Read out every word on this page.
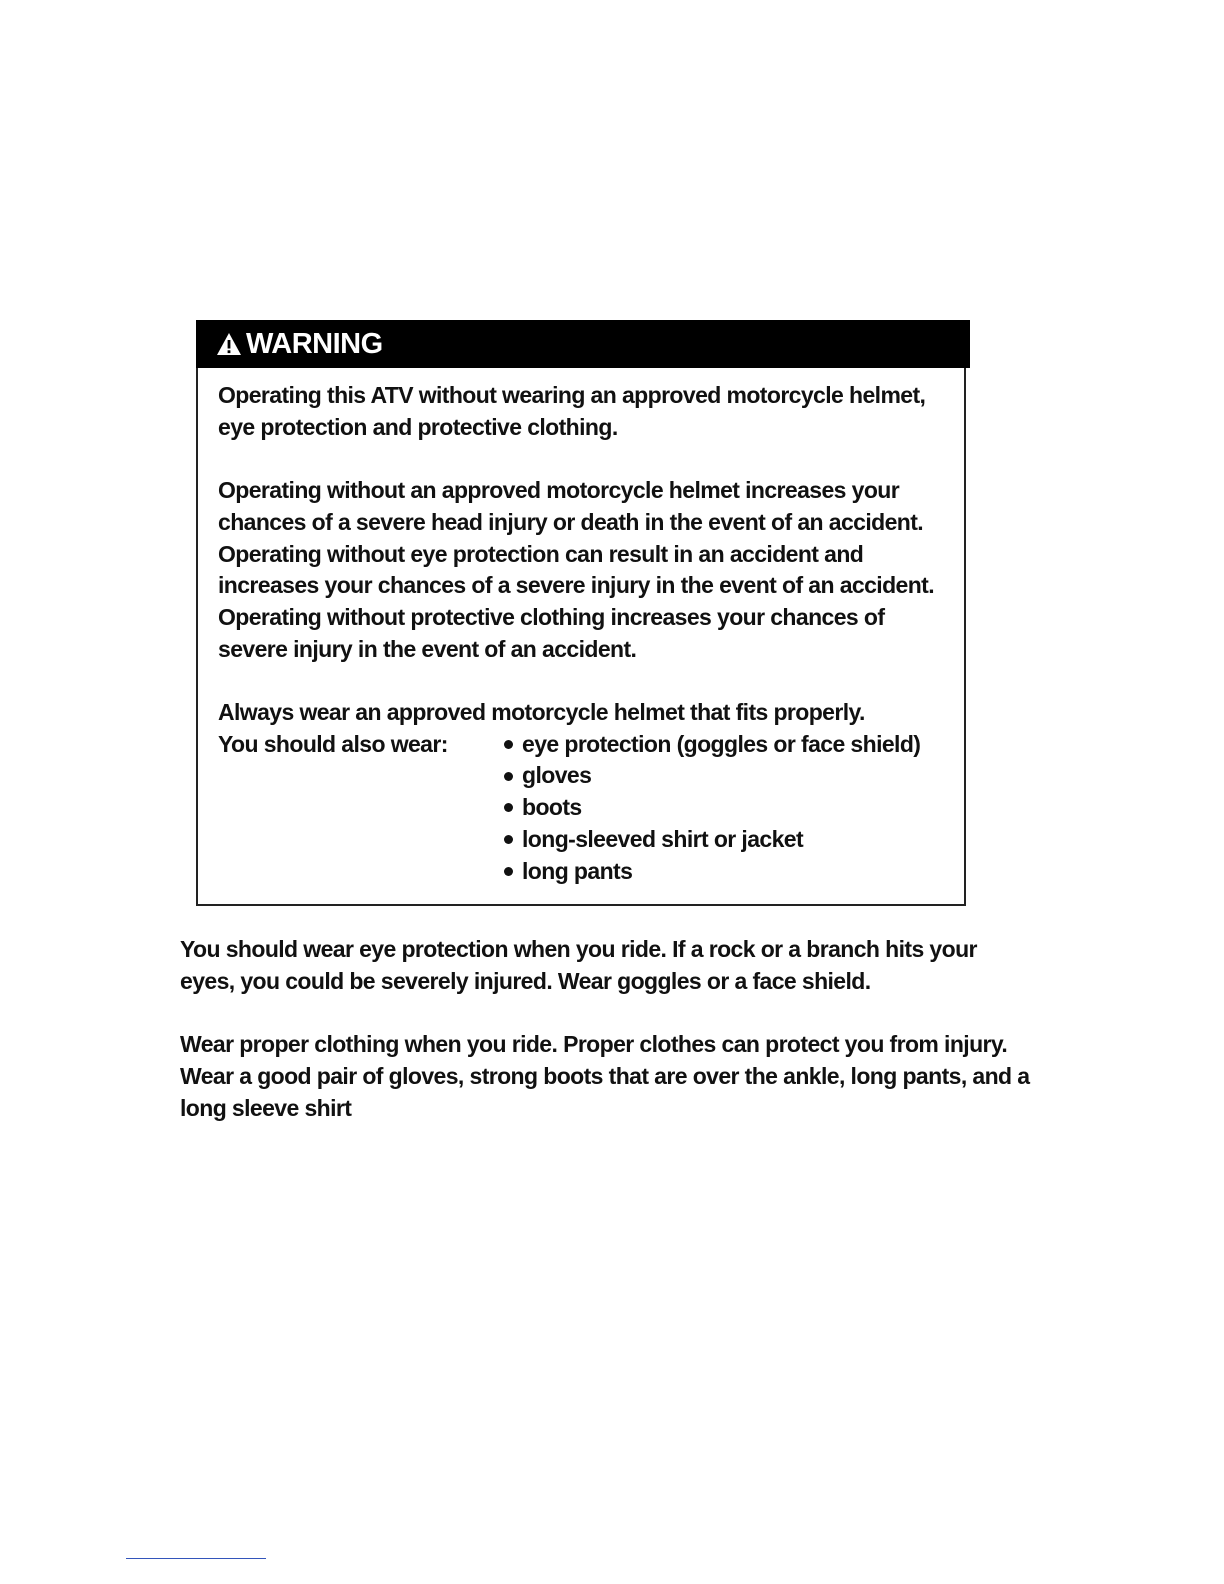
WARNING
Operating this ATV without wearing an approved motorcycle helmet,
eye protection and protective clothing.
Operating without an approved motorcycle helmet increases your
chances of a severe head injury or death in the event of an accident.
Operating without eye protection can result in an accident and
increases your chances of a severe injury in the event of an accident.
Operating without protective clothing increases your chances of
severe injury in the event of an accident.
Always wear an approved motorcycle helmet that fits properly.
You should also wear:	eye protection (goggles or face shield)
gloves
boots
long-sleeved shirt or jacket
long pants
You should wear eye protection when you ride. If a rock or a branch hits your
eyes, you could be severely injured. Wear goggles or a face shield.
Wear proper clothing when you ride. Proper clothes can protect you from injury.
Wear a good pair of gloves, strong boots that are over the ankle, long pants, and a
long sleeve shirt
